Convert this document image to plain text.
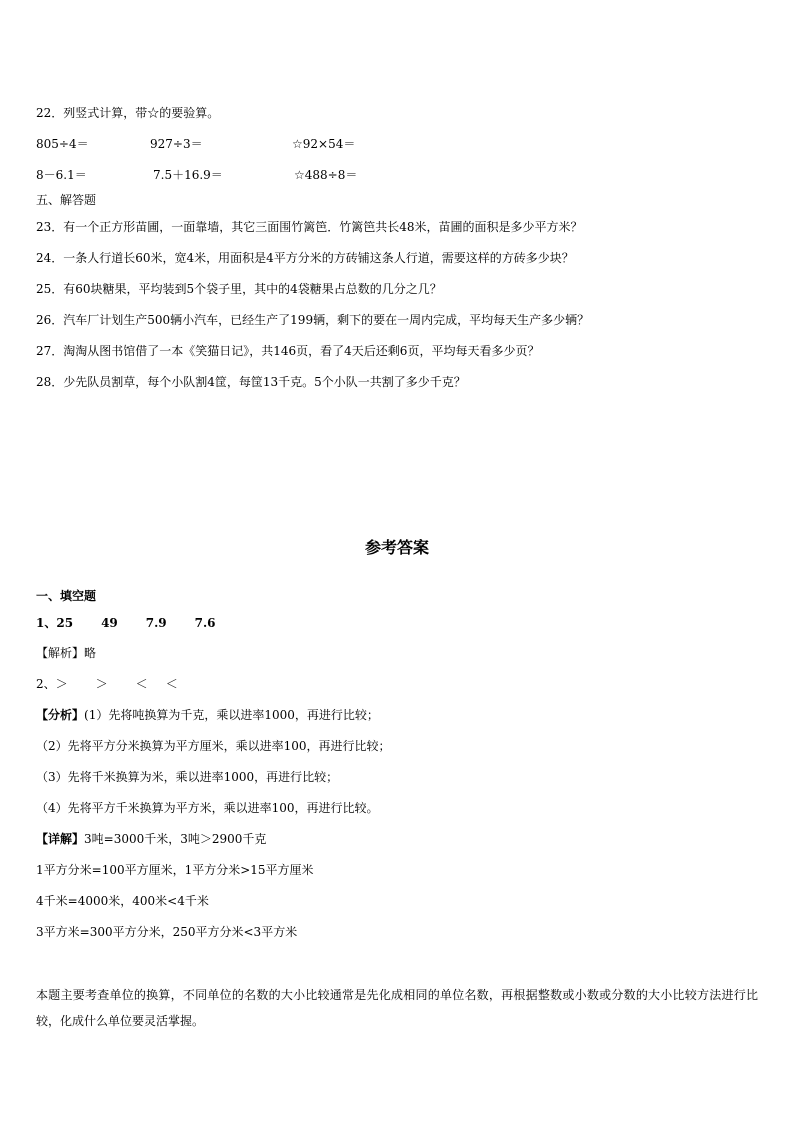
22．列竖式计算，带☆的要验算。
805÷4＝	927÷3＝	☆92×54＝
8－6.1＝	7.5＋16.9＝	☆488÷8＝
五、解答题
23．有一个正方形苗圃，一面靠墙，其它三面围竹篱笆．竹篱笆共长48米，苗圃的面积是多少平方米？
24．一条人行道长60米，宽4米，用面积是4平方分米的方砖铺这条人行道，需要这样的方砖多少块？
25．有60块糖果，平均装到5个袋子里，其中的4袋糖果占总数的几分之几？
26．汽车厂计划生产500辆小汽车，已经生产了199辆，剩下的要在一周内完成，平均每天生产多少辆？
27．淘淘从图书馆借了一本《笑猫日记》，共146页，看了4天后还剩6页，平均每天看多少页？
28．少先队员割草，每个小队割4筐，每筐13千克。5个小队一共割了多少千克？
参考答案
一、填空题
1、25 49 7.9 7.6
【解析】略
2、＞ ＞ ＜ ＜
【分析】(1）先将吨换算为千克，乘以进率1000，再进行比较；
（2）先将平方分米换算为平方厘米，乘以进率100，再进行比较；
（3）先将千米换算为米，乘以进率1000，再进行比较；
（4）先将平方千米换算为平方米，乘以进率100，再进行比较。
【详解】3吨=3000千米，3吨＞2900千克
1平方分米=100平方厘米，1平方分米>15平方厘米
4千米=4000米，400米<4千米
3平方米=300平方分米，250平方分米<3平方米
本题主要考查单位的换算，不同单位的名数的大小比较通常是先化成相同的单位名数，再根据整数或小数或分数的大小比较方法进行比较，化成什么单位要灵活掌握。
